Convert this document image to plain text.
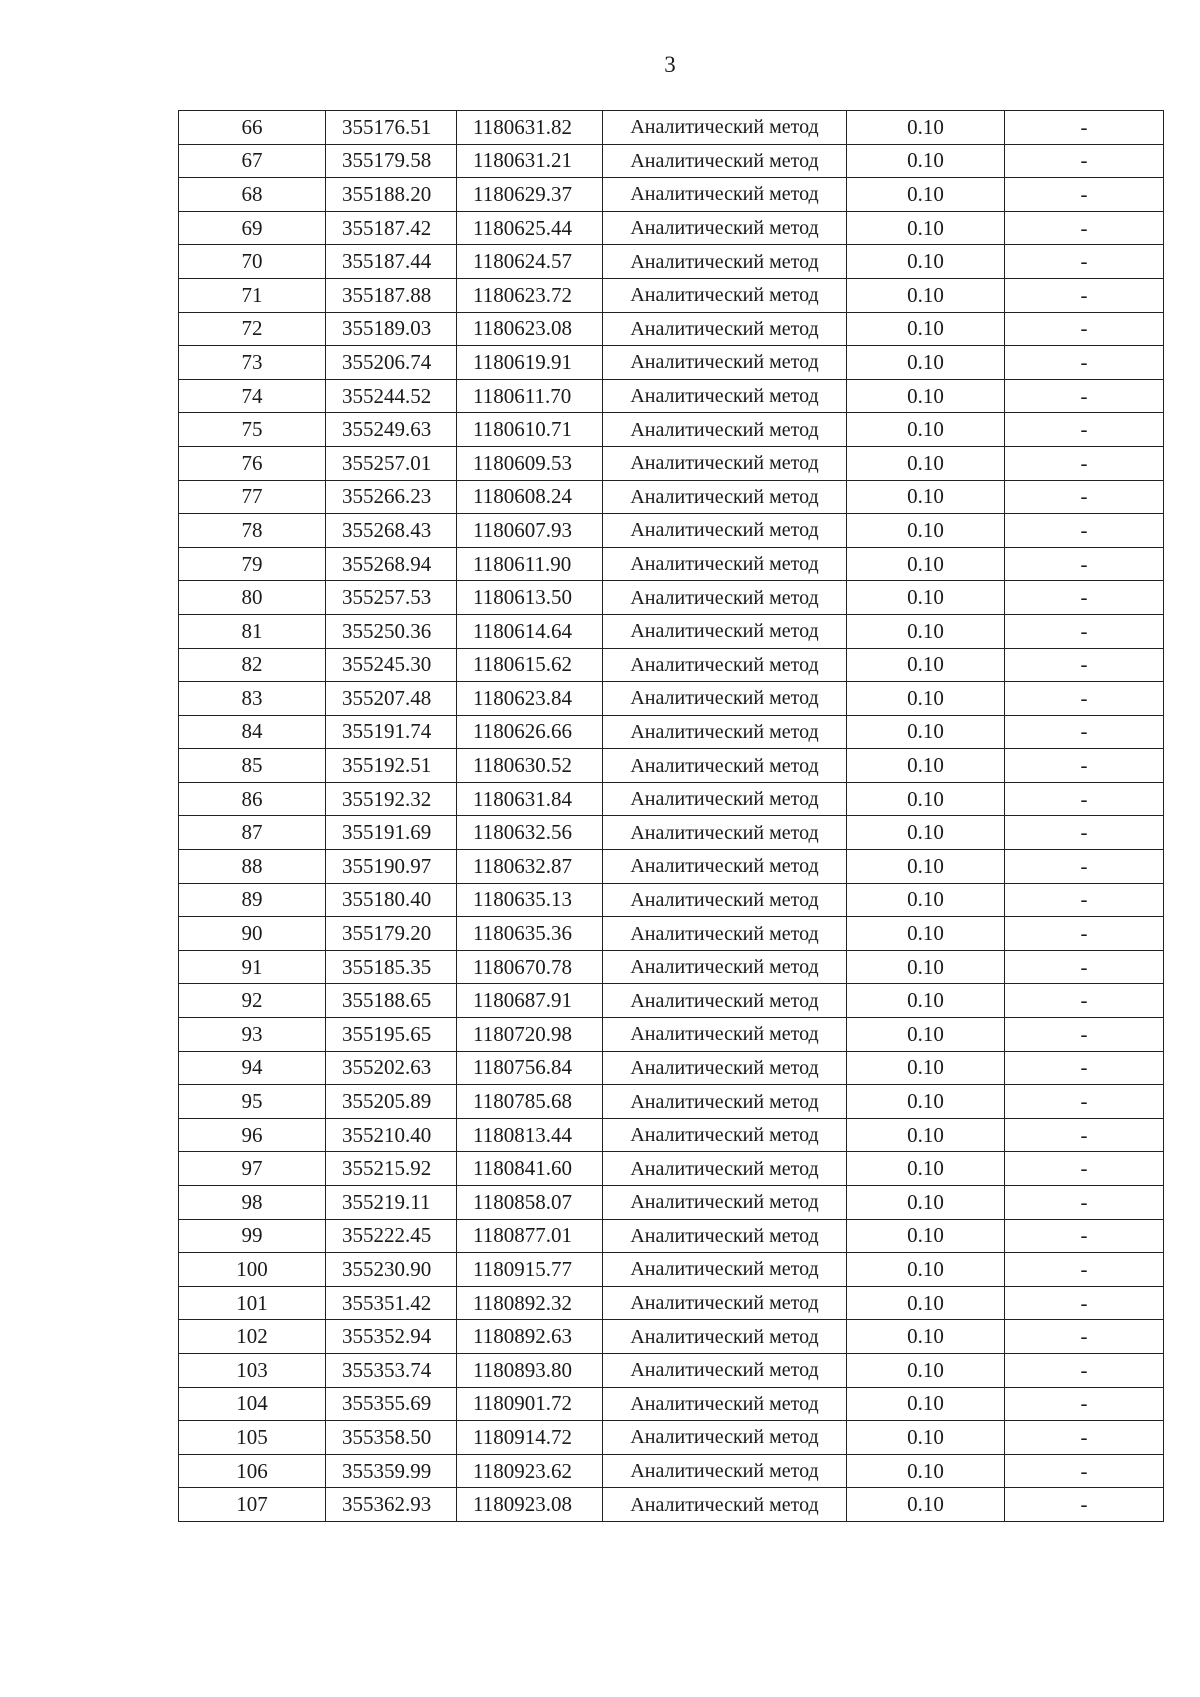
3
66	355176.51	1180631.82	Аналитический метод	0.10	-
67	355179.58	1180631.21	Аналитический метод	0.10	-
68	355188.20	1180629.37	Аналитический метод	0.10	-
69	355187.42	1180625.44	Аналитический метод	0.10	-
70	355187.44	1180624.57	Аналитический метод	0.10	-
71	355187.88	1180623.72	Аналитический метод	0.10	-
72	355189.03	1180623.08	Аналитический метод	0.10	-
73	355206.74	1180619.91	Аналитический метод	0.10	-
74	355244.52	1180611.70	Аналитический метод	0.10	-
75	355249.63	1180610.71	Аналитический метод	0.10	-
76	355257.01	1180609.53	Аналитический метод	0.10	-
77	355266.23	1180608.24	Аналитический метод	0.10	-
78	355268.43	1180607.93	Аналитический метод	0.10	-
79	355268.94	1180611.90	Аналитический метод	0.10	-
80	355257.53	1180613.50	Аналитический метод	0.10	-
81	355250.36	1180614.64	Аналитический метод	0.10	-
82	355245.30	1180615.62	Аналитический метод	0.10	-
83	355207.48	1180623.84	Аналитический метод	0.10	-
84	355191.74	1180626.66	Аналитический метод	0.10	-
85	355192.51	1180630.52	Аналитический метод	0.10	-
86	355192.32	1180631.84	Аналитический метод	0.10	-
87	355191.69	1180632.56	Аналитический метод	0.10	-
88	355190.97	1180632.87	Аналитический метод	0.10	-
89	355180.40	1180635.13	Аналитический метод	0.10	-
90	355179.20	1180635.36	Аналитический метод	0.10	-
91	355185.35	1180670.78	Аналитический метод	0.10	-
92	355188.65	1180687.91	Аналитический метод	0.10	-
93	355195.65	1180720.98	Аналитический метод	0.10	-
94	355202.63	1180756.84	Аналитический метод	0.10	-
95	355205.89	1180785.68	Аналитический метод	0.10	-
96	355210.40	1180813.44	Аналитический метод	0.10	-
97	355215.92	1180841.60	Аналитический метод	0.10	-
98	355219.11	1180858.07	Аналитический метод	0.10	-
99	355222.45	1180877.01	Аналитический метод	0.10	-
100	355230.90	1180915.77	Аналитический метод	0.10	-
101	355351.42	1180892.32	Аналитический метод	0.10	-
102	355352.94	1180892.63	Аналитический метод	0.10	-
103	355353.74	1180893.80	Аналитический метод	0.10	-
104	355355.69	1180901.72	Аналитический метод	0.10	-
105	355358.50	1180914.72	Аналитический метод	0.10	-
106	355359.99	1180923.62	Аналитический метод	0.10	-
107	355362.93	1180923.08	Аналитический метод	0.10	-
